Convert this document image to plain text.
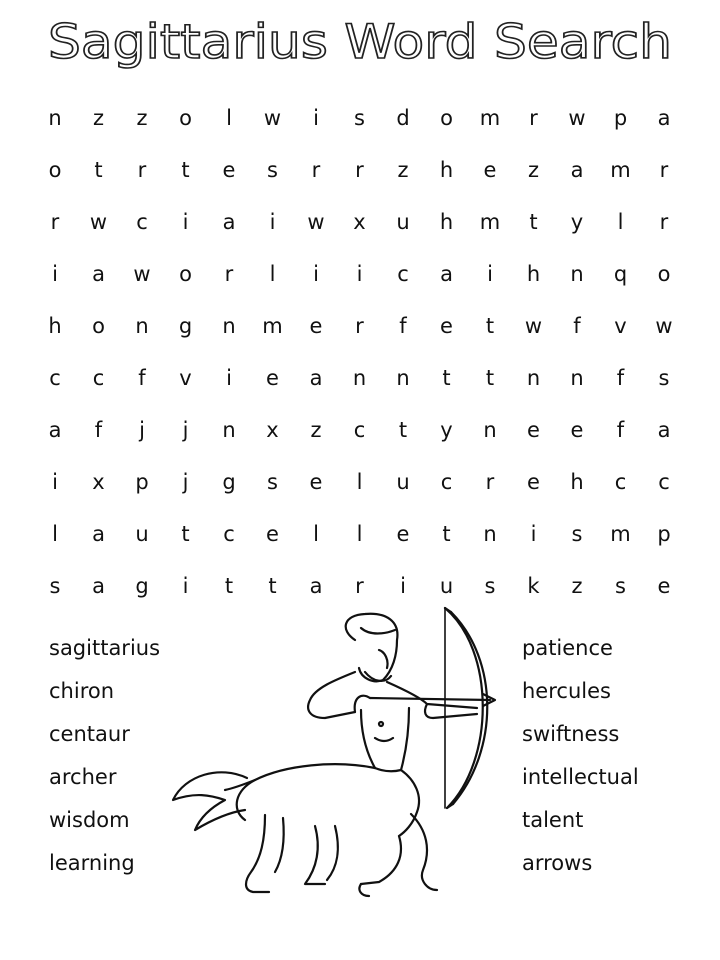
Sagittarius Word Search
n	z	z	o	l	w	i	s	d	o	m	r	w	p	a
o	t	r	t	e	s	r	r	z	h	e	z	a	m	r
r	w	c	i	a	i	w	x	u	h	m	t	y	l	r
i	a	w	o	r	l	i	i	c	a	i	h	n	q	o
h	o	n	g	n	m	e	r	f	e	t	w	f	v	w
c	c	f	v	i	e	a	n	n	t	t	n	n	f	s
a	f	j	j	n	x	z	c	t	y	n	e	e	f	a
i	x	p	j	g	s	e	l	u	c	r	e	h	c	c
l	a	u	t	c	e	l	l	e	t	n	i	s	m	p
s	a	g	i	t	t	a	r	i	u	s	k	z	s	e
sagittarius
chiron
centaur
archer
wisdom
learning
patience
hercules
swiftness
intellectual
talent
arrows
